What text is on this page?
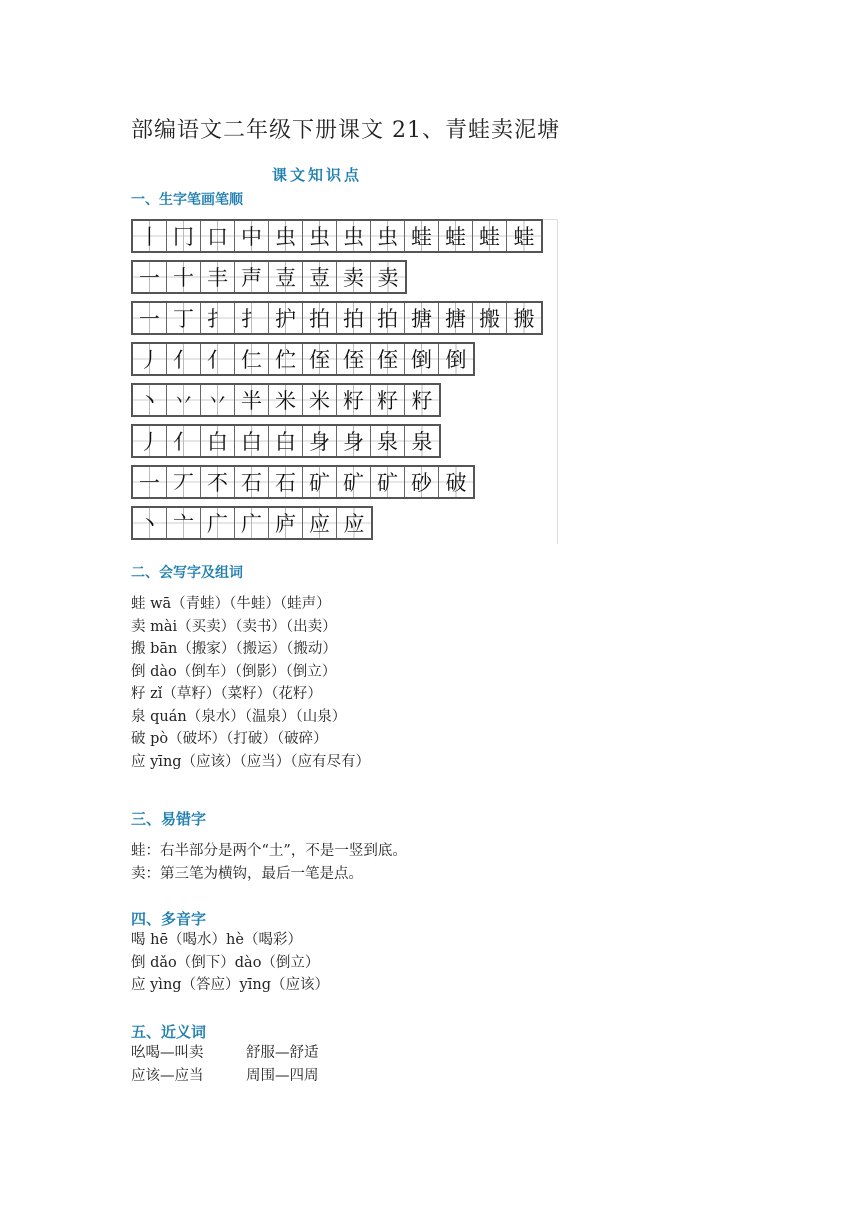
部编语文二年级下册课文 21、青蛙卖泥塘
课文知识点
一、生字笔画笔顺
丨 冂 口 中 虫 虫 虫 虫 蛙 蛙 蛙 蛙
一 十 丰 声 壴 壴 卖 卖
一 丁 扌 扌 护 拍 拍 拍 搪 搪 搬 搬
丿 亻 亻 仁 伫 侄 侄 侄 倒 倒
丶 丷 丷 半 米 米 籽 籽 籽
丿 亻 白 白 白 身 身 泉 泉
一 丆 不 石 石 矿 矿 矿 砂 破
丶 亠 广 广 庐 应 应
二、会写字及组词
蛙 wā（青蛙）（牛蛙）（蛙声）
卖 mài（买卖）（卖书）（出卖）
搬 bān（搬家）（搬运）（搬动）
倒 dào（倒车）（倒影）（倒立）
籽 zǐ（草籽）（菜籽）（花籽）
泉 quán（泉水）（温泉）（山泉）
破 pò（破坏）（打破）（破碎）
应 yīng（应该）（应当）（应有尽有）
三、易错字
蛙：右半部分是两个“土”，不是一竖到底。
卖：第三笔为横钩，最后一笔是点。
四、多音字
喝 hē（喝水）hè（喝彩）
倒 dǎo（倒下）dào（倒立）
应 yìng（答应）yīng（应该）
五、近义词
吆喝—叫卖	舒服—舒适
应该—应当	周围—四周
